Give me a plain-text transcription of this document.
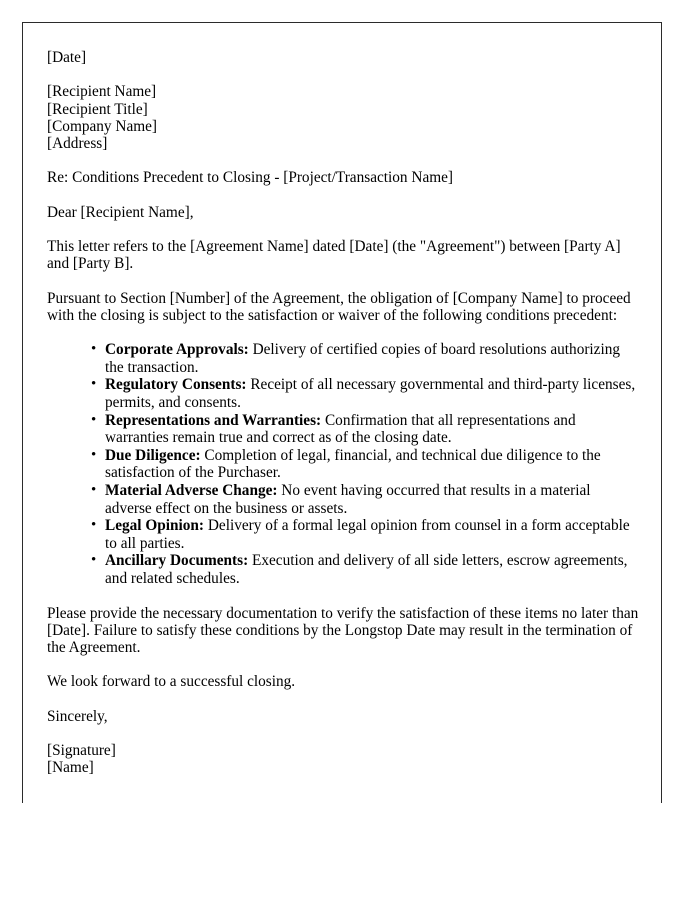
[Date]

[Recipient Name]

[Recipient Title]

[Company Name]

[Address]

Re: Conditions Precedent to Closing - [Project/Transaction Name]

Dear [Recipient Name],

This letter refers to the [Agreement Name] dated [Date] (the "Agreement") between [Party A] and [Party B].

Pursuant to Section [Number] of the Agreement, the obligation of [Company Name] to proceed with the closing is subject to the satisfaction or waiver of the following conditions precedent:

• Corporate Approvals: Delivery of certified copies of board resolutions authorizing the transaction.
• Regulatory Consents: Receipt of all necessary governmental and third-party licenses, permits, and consents.
• Representations and Warranties: Confirmation that all representations and warranties remain true and correct as of the closing date.
• Due Diligence: Completion of legal, financial, and technical due diligence to the satisfaction of the Purchaser.
• Material Adverse Change: No event having occurred that results in a material adverse effect on the business or assets.
• Legal Opinion: Delivery of a formal legal opinion from counsel in a form acceptable to all parties.
• Ancillary Documents: Execution and delivery of all side letters, escrow agreements, and related schedules.

Please provide the necessary documentation to verify the satisfaction of these items no later than [Date]. Failure to satisfy these conditions by the Longstop Date may result in the termination of the Agreement.

We look forward to a successful closing.

Sincerely,

[Signature]

[Name]
